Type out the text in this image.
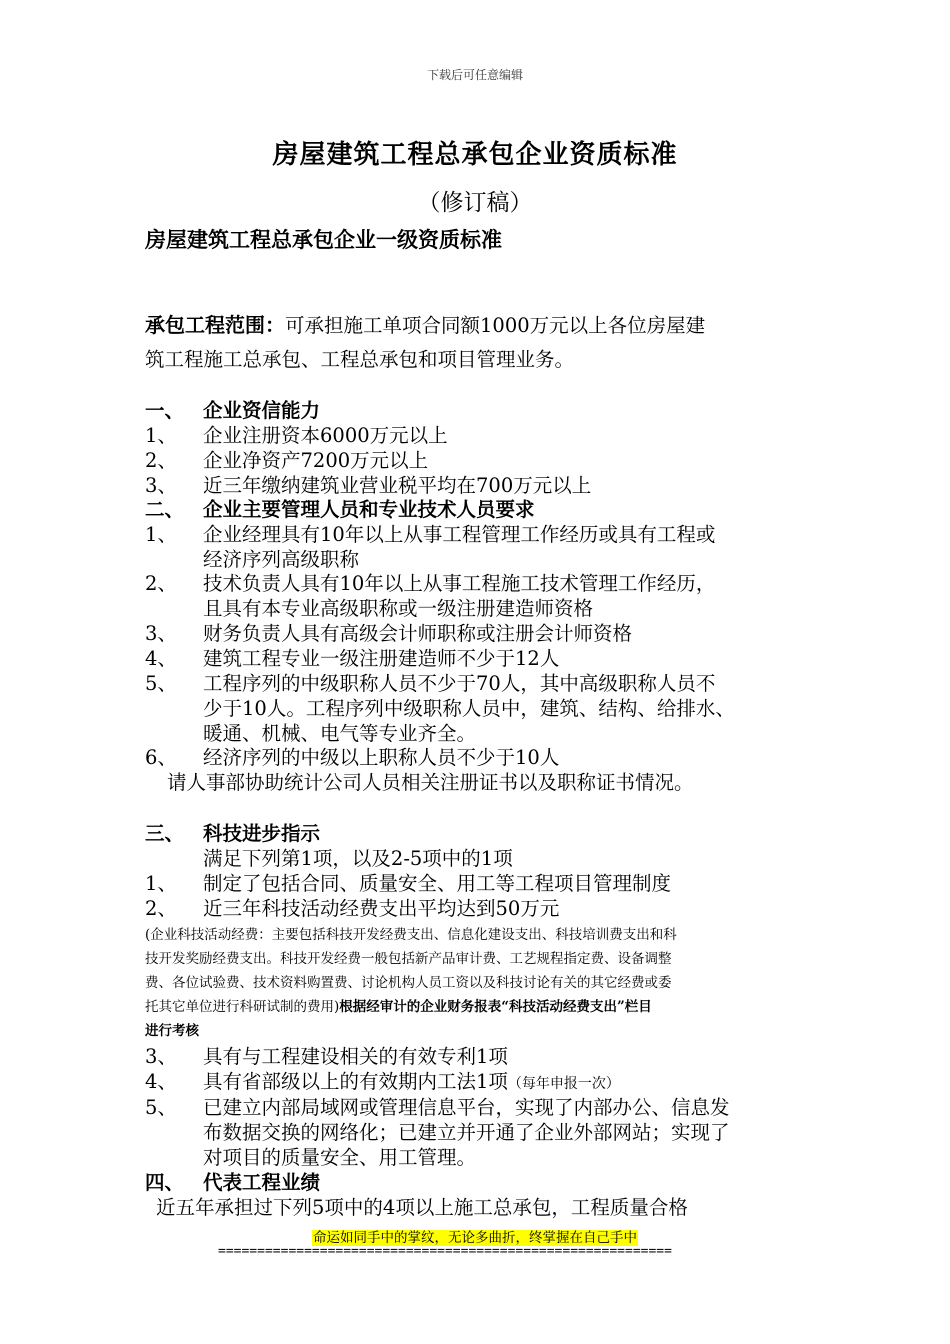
下载后可任意编辑
房屋建筑工程总承包企业资质标准
（修订稿）
房屋建筑工程总承包企业一级资质标准
承包工程范围：可承担施工单项合同额1000万元以上各位房屋建
筑工程施工总承包、工程总承包和项目管理业务。
一、 企业资信能力
1、 企业注册资本6000万元以上
2、 企业净资产7200万元以上
3、 近三年缴纳建筑业营业税平均在700万元以上
二、 企业主要管理人员和专业技术人员要求
1、 企业经理具有10年以上从事工程管理工作经历或具有工程或
经济序列高级职称
2、 技术负责人具有10年以上从事工程施工技术管理工作经历，
且具有本专业高级职称或一级注册建造师资格
3、 财务负责人具有高级会计师职称或注册会计师资格
4、 建筑工程专业一级注册建造师不少于12人
5、 工程序列的中级职称人员不少于70人，其中高级职称人员不
少于10人。工程序列中级职称人员中，建筑、结构、给排水、
暖通、机械、电气等专业齐全。
6、 经济序列的中级以上职称人员不少于10人
请人事部协助统计公司人员相关注册证书以及职称证书情况。
三、 科技进步指示
满足下列第1项，以及2-5项中的1项
1、 制定了包括合同、质量安全、用工等工程项目管理制度
2、 近三年科技活动经费支出平均达到50万元
(企业科技活动经费：主要包括科技开发经费支出、信息化建设支出、科技培训费支出和科
技开发奖励经费支出。科技开发经费一般包括新产品审计费、工艺规程指定费、设备调整
费、各位试验费、技术资料购置费、讨论机构人员工资以及科技讨论有关的其它经费或委
托其它单位进行科研试制的费用)根据经审计的企业财务报表“科技活动经费支出”栏目
进行考核
3、 具有与工程建设相关的有效专利1项
4、 具有省部级以上的有效期内工法1项（每年申报一次）
5、 已建立内部局域网或管理信息平台，实现了内部办公、信息发
布数据交换的网络化；已建立并开通了企业外部网站；实现了
对项目的质量安全、用工管理。
四、 代表工程业绩
近五年承担过下列5项中的4项以上施工总承包，工程质量合格
命运如同手中的掌纹，无论多曲折，终掌握在自己手中
==========================================================
